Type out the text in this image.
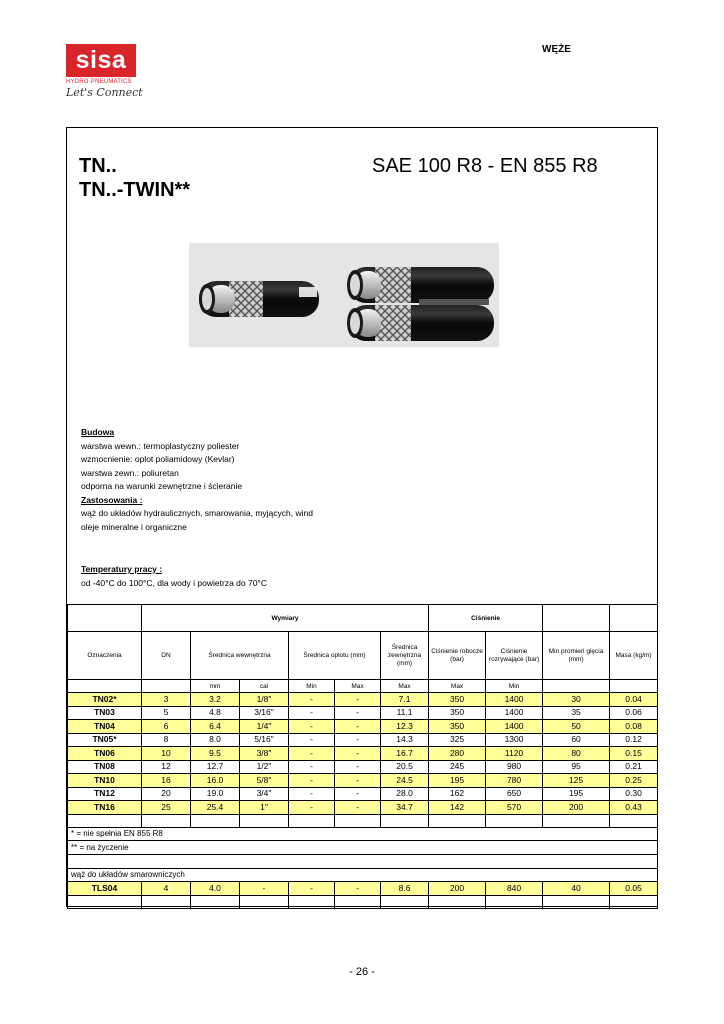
sisa
HYDRO·PNEUMATICS
Let's Connect
WĘŻE
TN..
TN..-TWIN**
SAE 100 R8 - EN 855 R8
Budowa
warstwa wewn.: termoplastyczny poliester
wzmocnienie: oplot poliamidowy (Kevlar)
warstwa zewn.: poliuretan
odporna na warunki zewnętrzne i ścieranie
Zastosowania :
wąż do układów hydraulicznych, smarowania, myjących, wind
oleje mineralne i organiczne
Temperatury pracy :
od -40°C do 100°C, dla wody i powietrza do 70°C
	Wymiary						Ciśnienie			
Oznaczenia	DN	Średnica wewnętrzna		Średnica oplotu (mm)		Średnica zewnętrzna (mm)	Ciśnienie robocze (bar)	Ciśnienie rozrywające (bar)	Min promień gięcia (mm)	Masa (kg/m)
		mm	cal	Min	Max	Max	Max	Min		
TN02*	3	3.2	1/8"	-	-	7.1	350	1400	30	0.04
TN03	5	4.8	3/16"	-	-	11.1	350	1400	35	0.06
TN04	6	6.4	1/4"	-	-	12.3	350	1400	50	0.08
TN05*	8	8.0	5/16"	-	-	14.3	325	1300	60	0.12
TN06	10	9.5	3/8"	-	-	16.7	280	1120	80	0.15
TN08	12	12.7	1/2"	-	-	20.5	245	980	95	0.21
TN10	16	16.0	5/8"	-	-	24.5	195	780	125	0.25
TN12	20	19.0	3/4"	-	-	28.0	162	650	195	0.30
TN16	25	25.4	1"	-	-	34.7	142	570	200	0.43

* = nie spełnia EN 855 R8										
** = na życzenie										

wąż do układów smarowniczych										
TLS04	4	4.0	-	-	-	8.6	200	840	40	0.05

- 26 -
